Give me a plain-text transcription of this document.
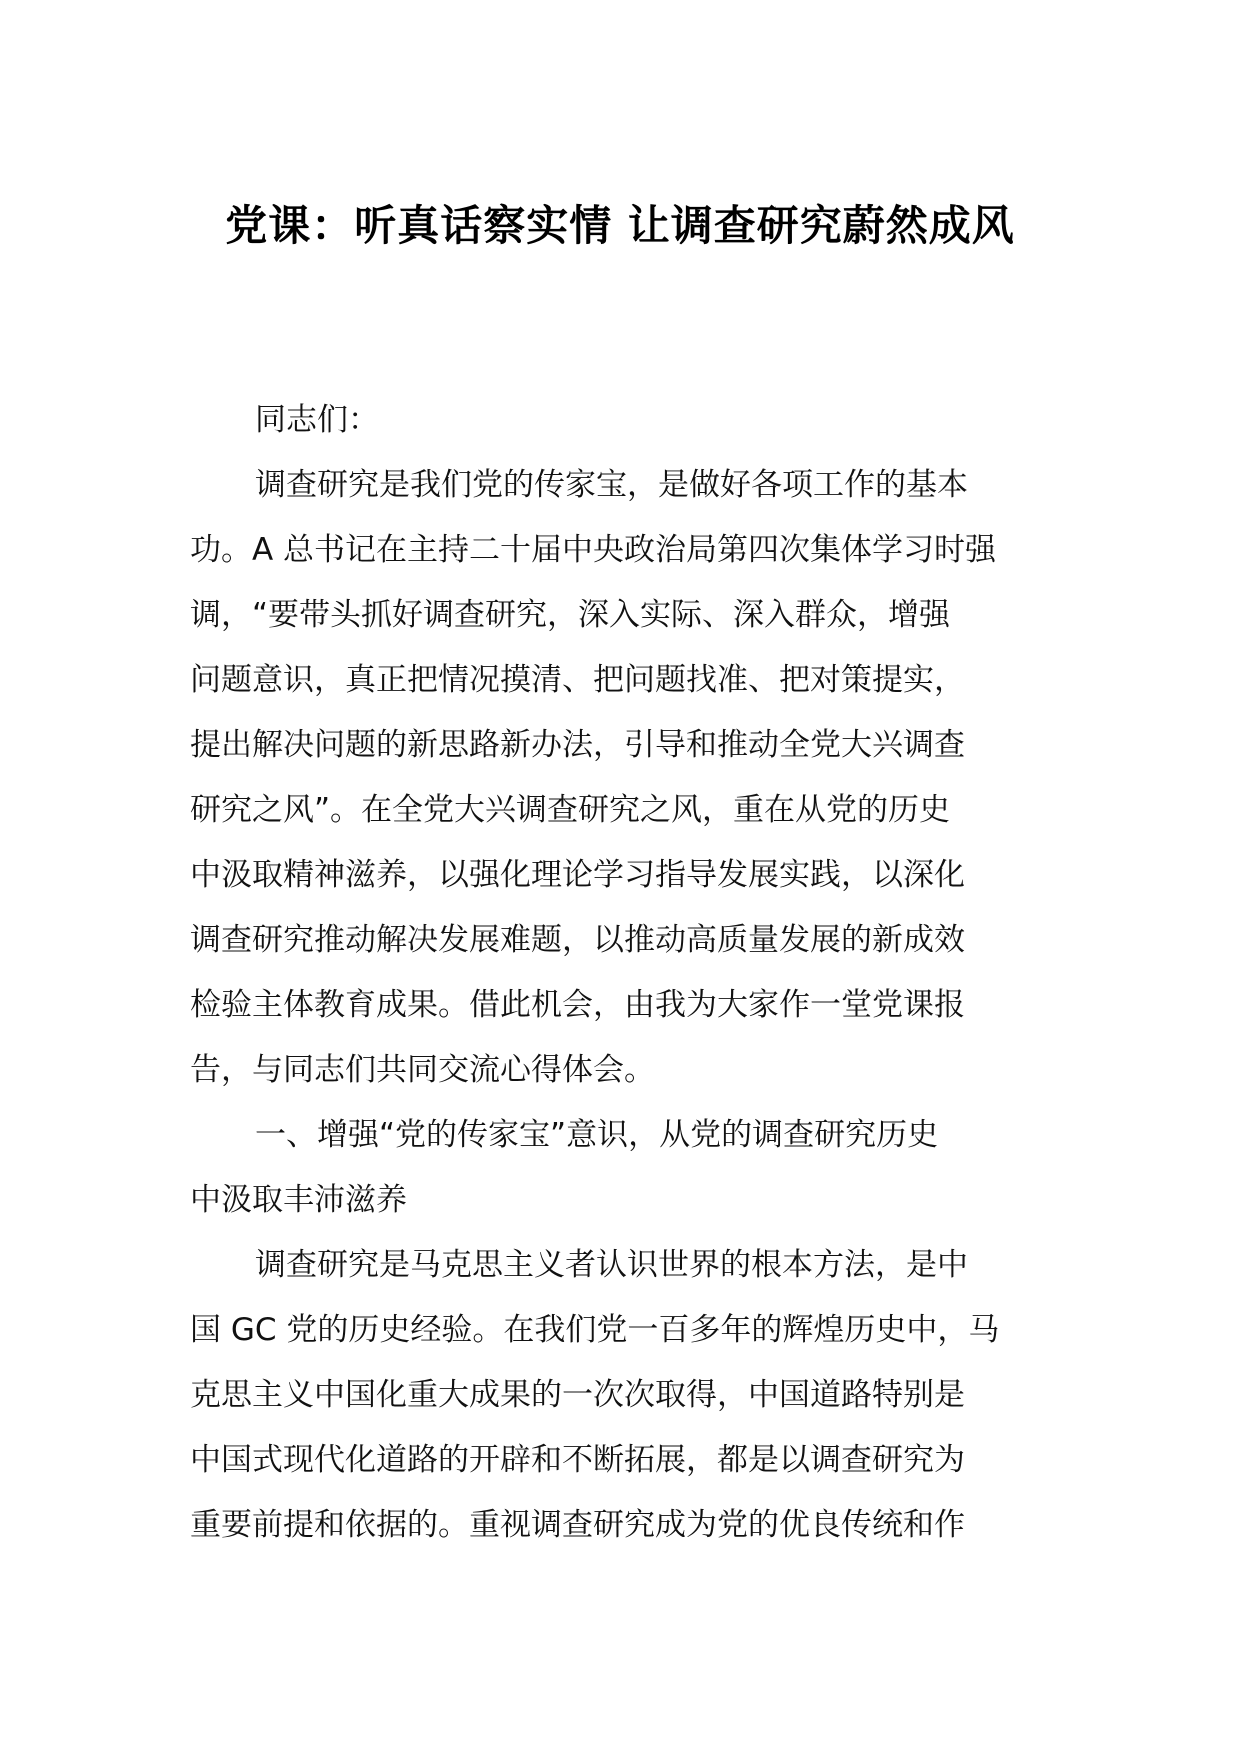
党课：听真话察实情 让调查研究蔚然成风

同志们：

调查研究是我们党的传家宝，是做好各项工作的基本

功。A 总书记在主持二十届中央政治局第四次集体学习时强

调，“要带头抓好调查研究，深入实际、深入群众，增强

问题意识，真正把情况摸清、把问题找准、把对策提实，

提出解决问题的新思路新办法，引导和推动全党大兴调查

研究之风”。在全党大兴调查研究之风，重在从党的历史

中汲取精神滋养，以强化理论学习指导发展实践，以深化

调查研究推动解决发展难题，以推动高质量发展的新成效

检验主体教育成果。借此机会，由我为大家作一堂党课报

告，与同志们共同交流心得体会。

一、增强“党的传家宝”意识，从党的调查研究历史

中汲取丰沛滋养

调查研究是马克思主义者认识世界的根本方法，是中

国 GC 党的历史经验。在我们党一百多年的辉煌历史中，马

克思主义中国化重大成果的一次次取得，中国道路特别是

中国式现代化道路的开辟和不断拓展，都是以调查研究为

重要前提和依据的。重视调查研究成为党的优良传统和作
